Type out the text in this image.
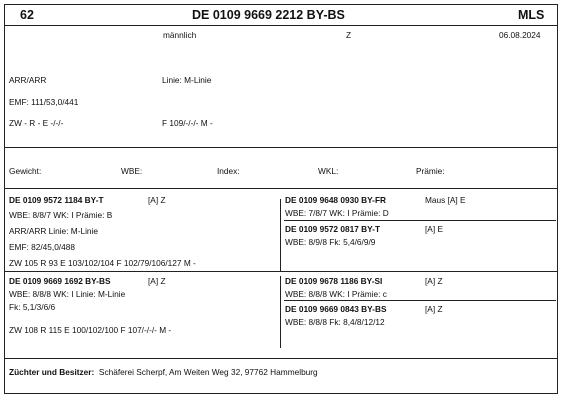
62	DE 0109 9669 2212 BY-BS	MLS
männlich	Z	06.08.2024
ARR/ARR	Linie: M-Linie
EMF: 111/53,0/441
ZW - R - E -/-/-	F 109/-/-/- M -
Gewicht:	WBE:	Index:	WKL:	Prämie:
DE 0109 9572 1184 BY-T	[A] Z
WBE: 8/8/7 WK: I Prämie: B
ARR/ARR Linie: M-Linie
EMF: 82/45,0/488
ZW 105 R 93 E 103/102/104 F 102/79/106/127 M -
DE 0109 9648 0930 BY-FR	Maus [A] E
WBE: 7/8/7 WK: I Prämie: D
DE 0109 9572 0817 BY-T	[A] E
WBE: 8/9/8 Fk: 5,4/6/9/9
DE 0109 9669 1692 BY-BS	[A] Z
WBE: 8/8/8 WK: I Linie: M-Linie
Fk: 5,1/3/6/6
ZW 108 R 115 E 100/102/100 F 107/-/-/- M -
DE 0109 9678 1186 BY-SI	[A] Z
WBE: 8/8/8 WK: I Prämie: c
DE 0109 9669 0843 BY-BS	[A] Z
WBE: 8/8/8 Fk: 8,4/8/12/12
Züchter und Besitzer: Schäferei Scherpf, Am Weiten Weg 32, 97762 Hammelburg
